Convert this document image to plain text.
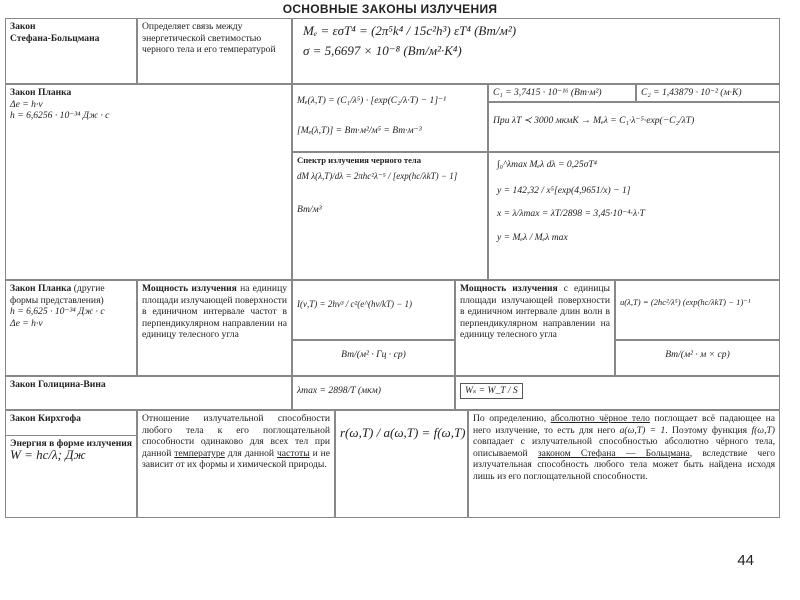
ОСНОВНЫЕ ЗАКОНЫ ИЗЛУЧЕНИЯ
Закон
Стефана-Больцмана
Определяет связь между энергетической светимостью черного тела и его температурой
Mₑ = εσT⁴ = (2π⁵k⁴ / 15c²h³) εT⁴ (Вт/м²)
σ = 5,6697 × 10⁻⁸ (Вт/м²·K⁴)
Закон Планка
Δe = h·ν
h = 6,6256 · 10⁻³⁴ Дж · с
Mₑ(λ,T) = (C₁/λ⁵) · [exp(C₂/λ·T) − 1]⁻¹
[Mₑ(λ,T)] = Вт·м²/м⁵ = Вт·м⁻³
C₁ = 3,7415 · 10⁻¹⁶ (Вт·м²)	C₂ = 1,43879 · 10⁻² (м·K)
При λT ≺ 3000 мкмK → Mₑλ = C₁·λ⁻⁵·exp(−C₂/λT)
Спектр излучения черного тела
dM λ(λ,T)/dλ = 2πhc²λ⁻⁵ / [exp(hc/λkT) − 1]
Вт/м³
∫₀^λmax Mₑλ dλ = 0,25σT⁴
y = 142,32 / x⁵[exp(4,9651/x) − 1]
x = λ/λmax = λT/2898 = 3,45·10⁻⁴·λ·T
y = Mₑλ / Mₑλ max
Закон Планка (другие формы представления)
h = 6,625 · 10⁻³⁴ Дж · с
Δe = h·ν
Мощность излучения на единицу площади излучающей поверхности в единичном интервале частот в перпендикулярном направлении на единицу телесного угла
I(ν,T) = 2hν³ / c²(e^(hν/kT) − 1)
Вт/(м² · Гц · ср)
Мощность излучения с единицы площади излучающей поверхности в единичном интервале длин волн в перпендикулярном направлении на единицу телесного угла
u(λ,T) = (2hc²/λ⁵) (exp(hc/λkT) − 1)⁻¹
Вт/(м² · м × ср)
Закон Голицина-Вина
λmax = 2898/T (мкм)	Wₛ = W_T / S
Закон Кирхгофа
Энергия в форме излучения
W = hc/λ; Дж
Отношение излучательной способности любого тела к его поглощательной способности одинаково для всех тел при данной температуре для данной частоты и не зависит от их формы и химической природы.
r(ω,T) / a(ω,T) = f(ω,T)
По определению, абсолютно чёрное тело поглощает всё падающее на него излучение, то есть для него a(ω,T) = 1. Поэтому функция f(ω,T) совпадает с излучательной способностью абсолютно чёрного тела, описываемой законом Стефана — Больцмана, вследствие чего излучательная способность любого тела может быть найдена исходя лишь из его поглощательной способности.
44
